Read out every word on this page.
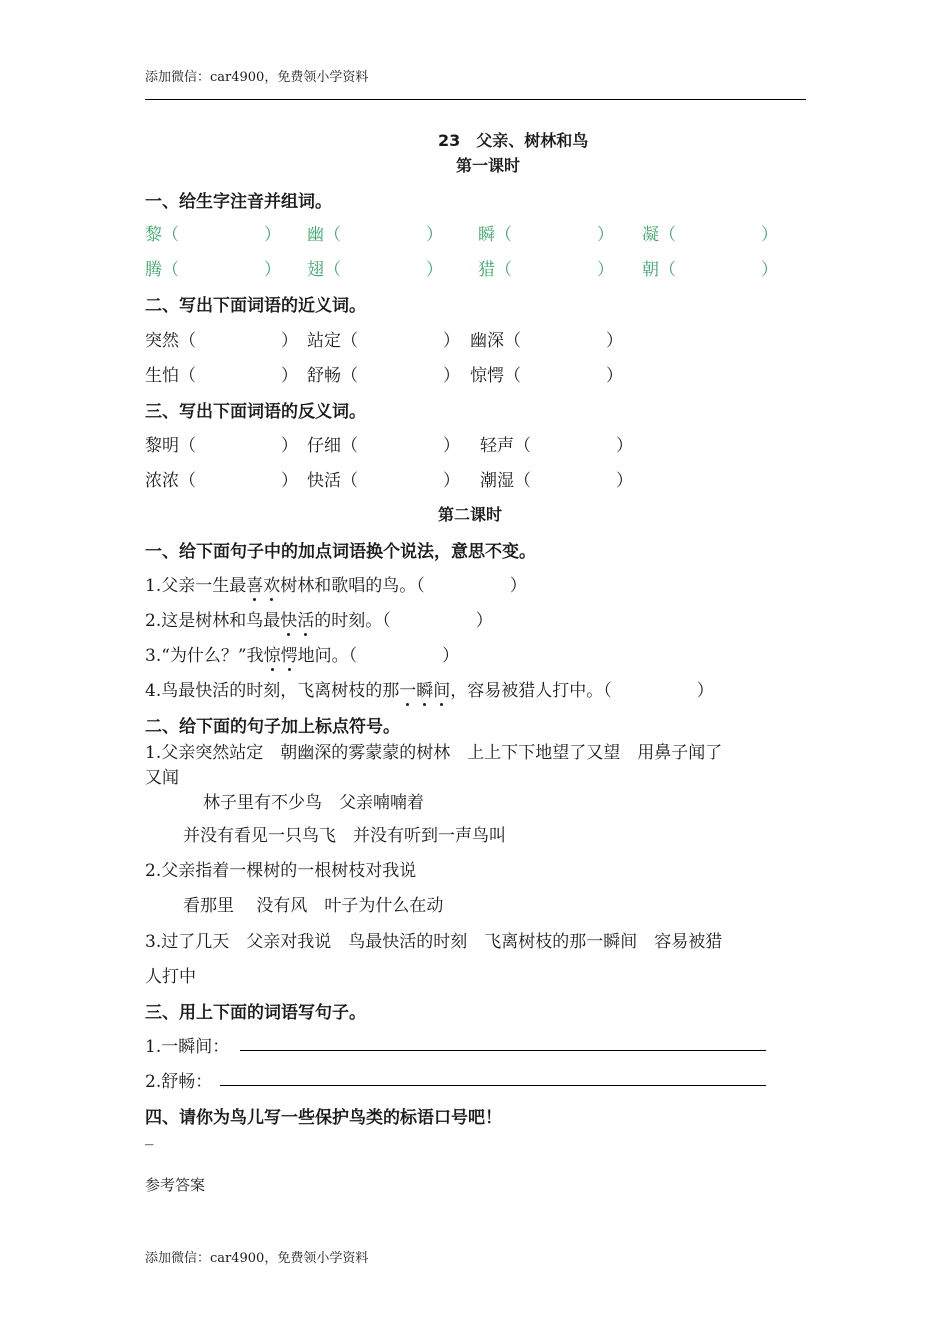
添加微信：car4900，免费领小学资料
23　父亲、树林和鸟
第一课时
一、给生字注音并组词。
黎（　　　　　） 幽（　　　　　） 瞬（　　　　　） 凝（　　　　　）
腾（　　　　　） 翅（　　　　　） 猎（　　　　　） 朝（　　　　　）
二、写出下面词语的近义词。
突然（　　　　　） 站定（　　　　　） 幽深（　　　　　）
生怕（　　　　　） 舒畅（　　　　　） 惊愕（　　　　　）
三、写出下面词语的反义词。
黎明（　　　　　） 仔细（　　　　　） 轻声（　　　　　）
浓浓（　　　　　） 快活（　　　　　） 潮湿（　　　　　）
第二课时
一、给下面句子中的加点词语换个说法，意思不变。
1.父亲一生最喜欢树林和歌唱的鸟。（　　　　　）
2.这是树林和鸟最快活的时刻。（　　　　　）
3.“为什么？”我惊愕地问。（　　　　　）
4.鸟最快活的时刻，飞离树枝的那一瞬间，容易被猎人打中。（　　　　　）
二、给下面的句子加上标点符号。
1.父亲突然站定　朝幽深的雾蒙蒙的树林　上上下下地望了又望　用鼻子闻了
又闻
林子里有不少鸟　父亲喃喃着
并没有看见一只鸟飞　并没有听到一声鸟叫
2.父亲指着一棵树的一根树枝对我说
看那里　 没有风　叶子为什么在动
3.过了几天　父亲对我说　鸟最快活的时刻　飞离树枝的那一瞬间　容易被猎
人打中
三、用上下面的词语写句子。
1.一瞬间：
2.舒畅：
四、请你为鸟儿写一些保护鸟类的标语口号吧！
_
参考答案
添加微信：car4900，免费领小学资料
